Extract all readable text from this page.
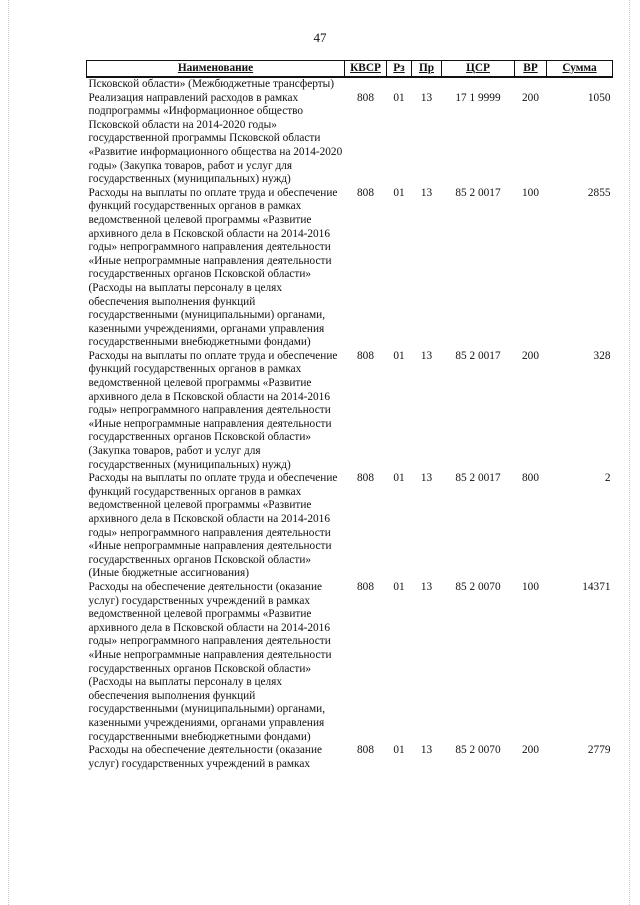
47
Наименование	КВСР	Рз	Пр	ЦСР	ВР	Сумма
Псковской области» (Межбюджетные трансферты)						
Реализация направлений расходов в рамках подпрограммы «Информационное общество Псковской области на 2014-2020 годы» государственной программы Псковской области «Развитие информационного общества на 2014-2020 годы» (Закупка товаров, работ и услуг для государственных (муниципальных) нужд)	808	01	13	17 1 9999	200	1050
Расходы на выплаты по оплате труда и обеспечение функций государственных органов в рамках ведомственной целевой программы «Развитие архивного дела в Псковской области на 2014-2016 годы» непрограммного направления деятельности «Иные непрограммные направления деятельности государственных органов Псковской области» (Расходы на выплаты персоналу в целях обеспечения выполнения функций государственными (муниципальными) органами, казенными учреждениями, органами управления государственными внебюджетными фондами)	808	01	13	85 2 0017	100	2855
Расходы на выплаты по оплате труда и обеспечение функций государственных органов в рамках ведомственной целевой программы «Развитие архивного дела в Псковской области на 2014-2016 годы» непрограммного направления деятельности «Иные непрограммные направления деятельности государственных органов Псковской области» (Закупка товаров, работ и услуг для государственных (муниципальных) нужд)	808	01	13	85 2 0017	200	328
Расходы на выплаты по оплате труда и обеспечение функций государственных органов в рамках ведомственной целевой программы «Развитие архивного дела в Псковской области на 2014-2016 годы» непрограммного направления деятельности «Иные непрограммные направления деятельности государственных органов Псковской области» (Иные бюджетные ассигнования)	808	01	13	85 2 0017	800	2
Расходы на обеспечение деятельности (оказание услуг) государственных учреждений в рамках ведомственной целевой программы «Развитие архивного дела в Псковской области на 2014-2016 годы» непрограммного направления деятельности «Иные непрограммные направления деятельности государственных органов Псковской области» (Расходы на выплаты персоналу в целях обеспечения выполнения функций государственными (муниципальными) органами, казенными учреждениями, органами управления государственными внебюджетными фондами)	808	01	13	85 2 0070	100	14371
Расходы на обеспечение деятельности (оказание услуг) государственных учреждений в рамках	808	01	13	85 2 0070	200	2779
